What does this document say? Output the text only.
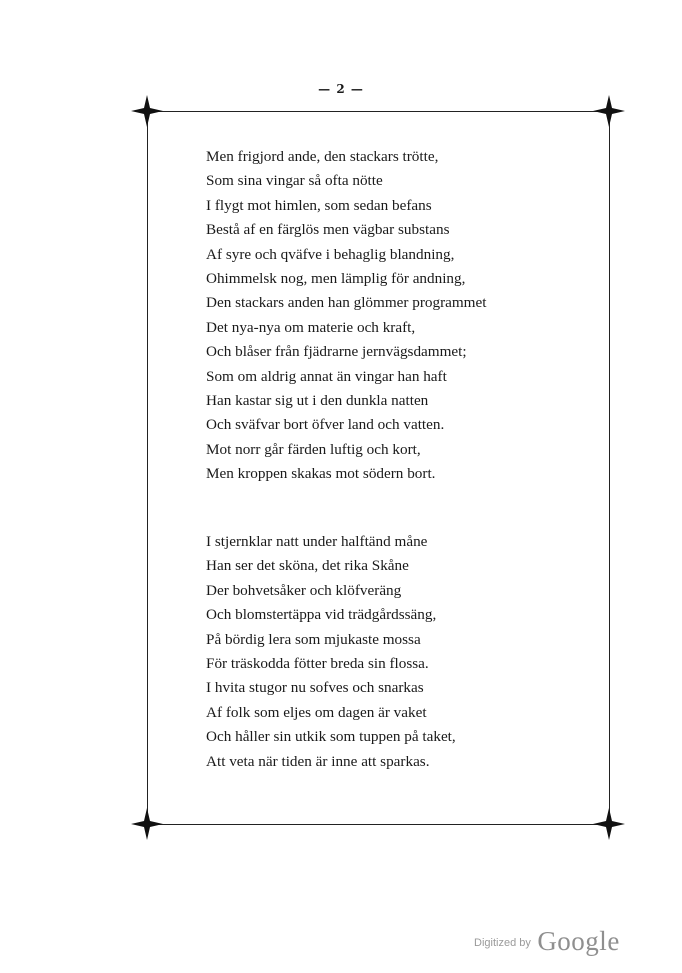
— 2 —
Men frigjord ande, den stackars trötte,
Som sina vingar så ofta nötte
I flygt mot himlen, som sedan befans
Bestå af en färglös men vägbar substans
Af syre och qväfve i behaglig blandning,
Ohimmelsk nog, men lämplig för andning,
Den stackars anden han glömmer programmet
Det nya-nya om materie och kraft,
Och blåser från fjädrarne jernvägsdammet;
Som om aldrig annat än vingar han haft
Han kastar sig ut i den dunkla natten
Och sväfvar bort öfver land och vatten.
Mot norr går färden luftig och kort,
Men kroppen skakas mot södern bort.
I stjernklar natt under halftänd måne
Han ser det sköna, det rika Skåne
Der bohvetsåker och klöfveräng
Och blomstertäppa vid trädgårdssäng,
På bördig lera som mjukaste mossa
För träskodda fötter breda sin flossa.
I hvita stugor nu sofves och snarkas
Af folk som eljes om dagen är vaket
Och håller sin utkik som tuppen på taket,
Att veta när tiden är inne att sparkas.
$^{Digitized by}$ Google
